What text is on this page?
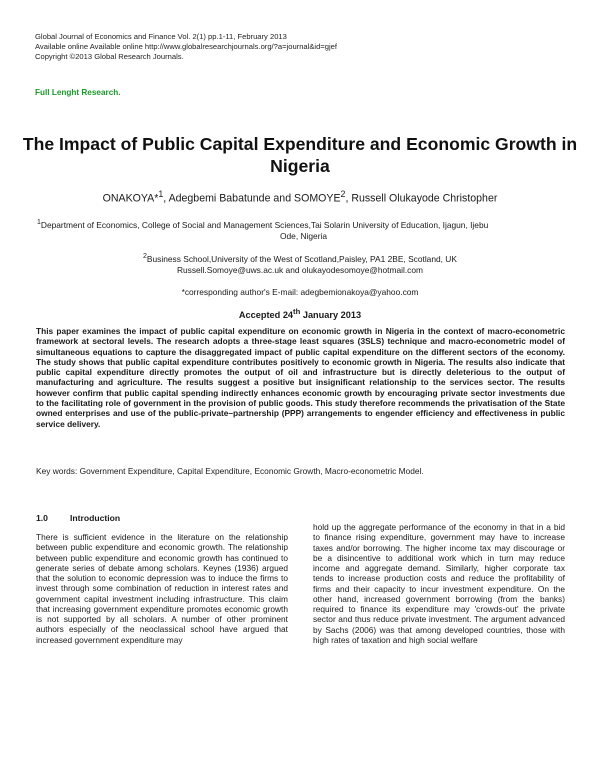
Global Journal of Economics and Finance Vol. 2(1) pp.1-11, February 2013
Available online Available online http://www.globalresearchjournals.org/?a=journal&id=gjef
Copyright ©2013 Global Research Journals.
Full Lenght Research.
The Impact of Public Capital Expenditure and Economic Growth in Nigeria
ONAKOYA*$^1$, Adegbemi Babatunde and SOMOYE$^2$, Russell Olukayode Christopher
$^1$Department of Economics, College of Social and Management Sciences,Tai Solarin University of Education, Ijagun, Ijebu
Ode, Nigeria
$^2$Business School,University of the West of Scotland,Paisley, PA1 2BE, Scotland, UK
Russell.Somoye@uws.ac.uk and olukayodesomoye@hotmail.com
*corresponding author's E-mail: adegbemionakoya@yahoo.com
Accepted 24th January 2013
This paper examines the impact of public capital expenditure on economic growth in Nigeria in the context of macro-econometric framework at sectoral levels. The research adopts a three-stage least squares (3SLS) technique and macro-econometric model of simultaneous equations to capture the disaggregated impact of public capital expenditure on the different sectors of the economy. The study shows that public capital expenditure contributes positively to economic growth in Nigeria. The results also indicate that public capital expenditure directly promotes the output of oil and infrastructure but is directly deleterious to the output of manufacturing and agriculture. The results suggest a positive but insignificant relationship to the services sector. The results however confirm that public capital spending indirectly enhances economic growth by encouraging private sector investments due to the facilitating role of government in the provision of public goods. This study therefore recommends the privatisation of the State owned enterprises and use of the public-private–partnership (PPP) arrangements to engender efficiency and effectiveness in public service delivery.
Key words: Government Expenditure, Capital Expenditure, Economic Growth, Macro-econometric Model.
1.0	Introduction
There is sufficient evidence in the literature on the relationship between public expenditure and economic growth. The relationship between public expenditure and economic growth has continued to generate series of debate among scholars. Keynes (1936) argued that the solution to economic depression was to induce the firms to invest through some combination of reduction in interest rates and government capital investment including infrastructure. This claim that increasing government expenditure promotes economic growth is not supported by all scholars. A number of other prominent authors especially of the neoclassical school have argued that increased government expenditure may
hold up the aggregate performance of the economy in that in a bid to finance rising expenditure, government may have to increase taxes and/or borrowing. The higher income tax may discourage or be a disincentive to additional work which in turn may reduce income and aggregate demand. Similarly, higher corporate tax tends to increase production costs and reduce the profitability of firms and their capacity to incur investment expenditure. On the other hand, increased government borrowing (from the banks) required to finance its expenditure may 'crowds-out' the private sector and thus reduce private investment. The argument advanced by Sachs (2006) was that among developed countries, those with high rates of taxation and high social welfare
